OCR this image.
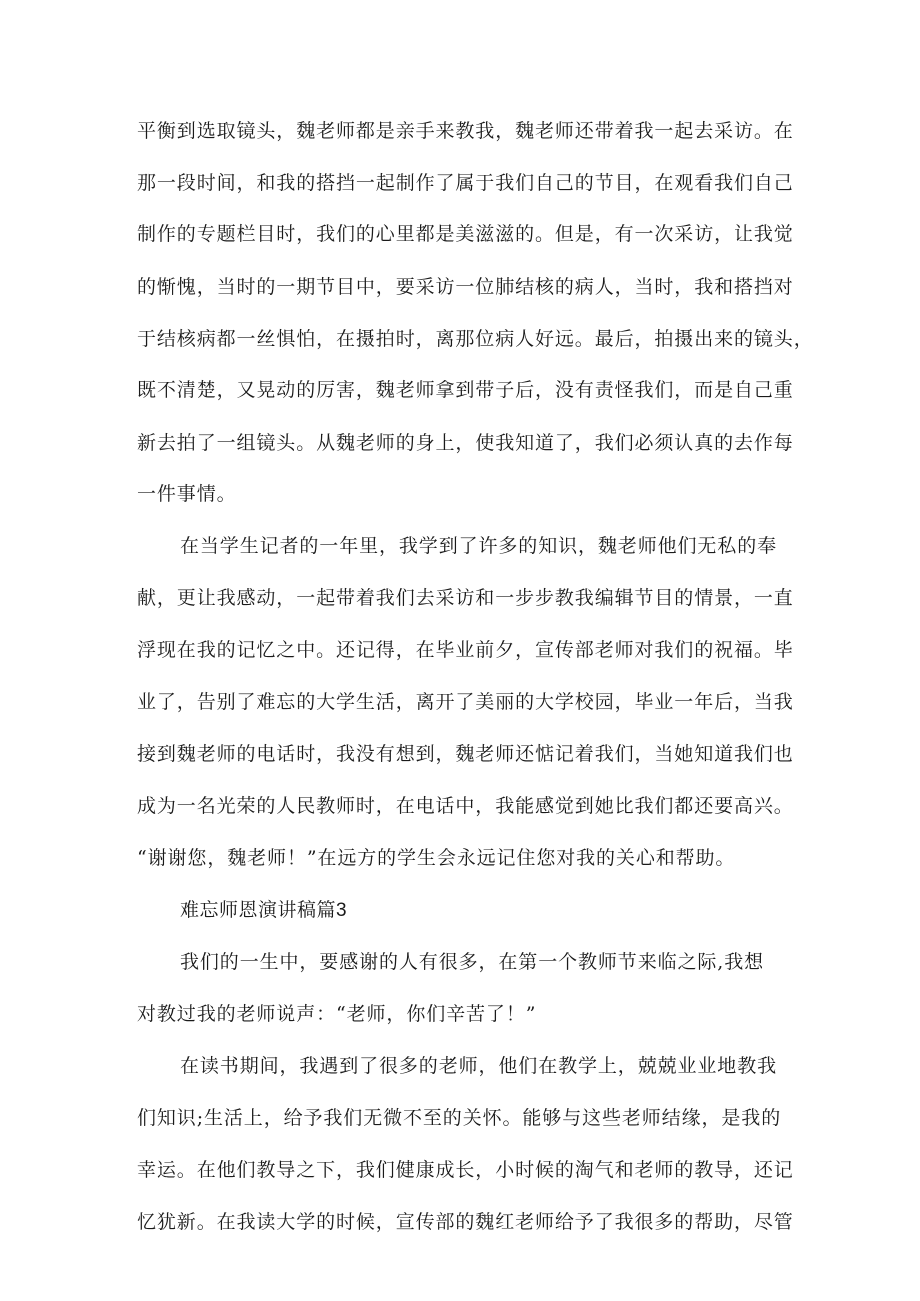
平衡到选取镜头，魏老师都是亲手来教我，魏老师还带着我一起去采访。在
那一段时间，和我的搭挡一起制作了属于我们自己的节目，在观看我们自己
制作的专题栏目时，我们的心里都是美滋滋的。但是，有一次采访，让我觉
的惭愧，当时的一期节目中，要采访一位肺结核的病人，当时，我和搭挡对
于结核病都一丝惧怕，在摄拍时，离那位病人好远。最后，拍摄出来的镜头，
既不清楚，又晃动的厉害，魏老师拿到带子后，没有责怪我们，而是自己重
新去拍了一组镜头。从魏老师的身上，使我知道了，我们必须认真的去作每
一件事情。
在当学生记者的一年里，我学到了许多的知识，魏老师他们无私的奉
献，更让我感动，一起带着我们去采访和一步步教我编辑节目的情景，一直
浮现在我的记忆之中。还记得，在毕业前夕，宣传部老师对我们的祝福。毕
业了，告别了难忘的大学生活，离开了美丽的大学校园，毕业一年后，当我
接到魏老师的电话时，我没有想到，魏老师还惦记着我们，当她知道我们也
成为一名光荣的人民教师时，在电话中，我能感觉到她比我们都还要高兴。
“谢谢您，魏老师！”在远方的学生会永远记住您对我的关心和帮助。
难忘师恩演讲稿篇3
我们的一生中，要感谢的人有很多，在第一个教师节来临之际,我想
对教过我的老师说声：“老师，你们辛苦了！”
在读书期间，我遇到了很多的老师，他们在教学上，兢兢业业地教我
们知识;生活上，给予我们无微不至的关怀。能够与这些老师结缘，是我的
幸运。在他们教导之下，我们健康成长，小时候的淘气和老师的教导，还记
忆犹新。在我读大学的时候，宣传部的魏红老师给予了我很多的帮助，尽管
